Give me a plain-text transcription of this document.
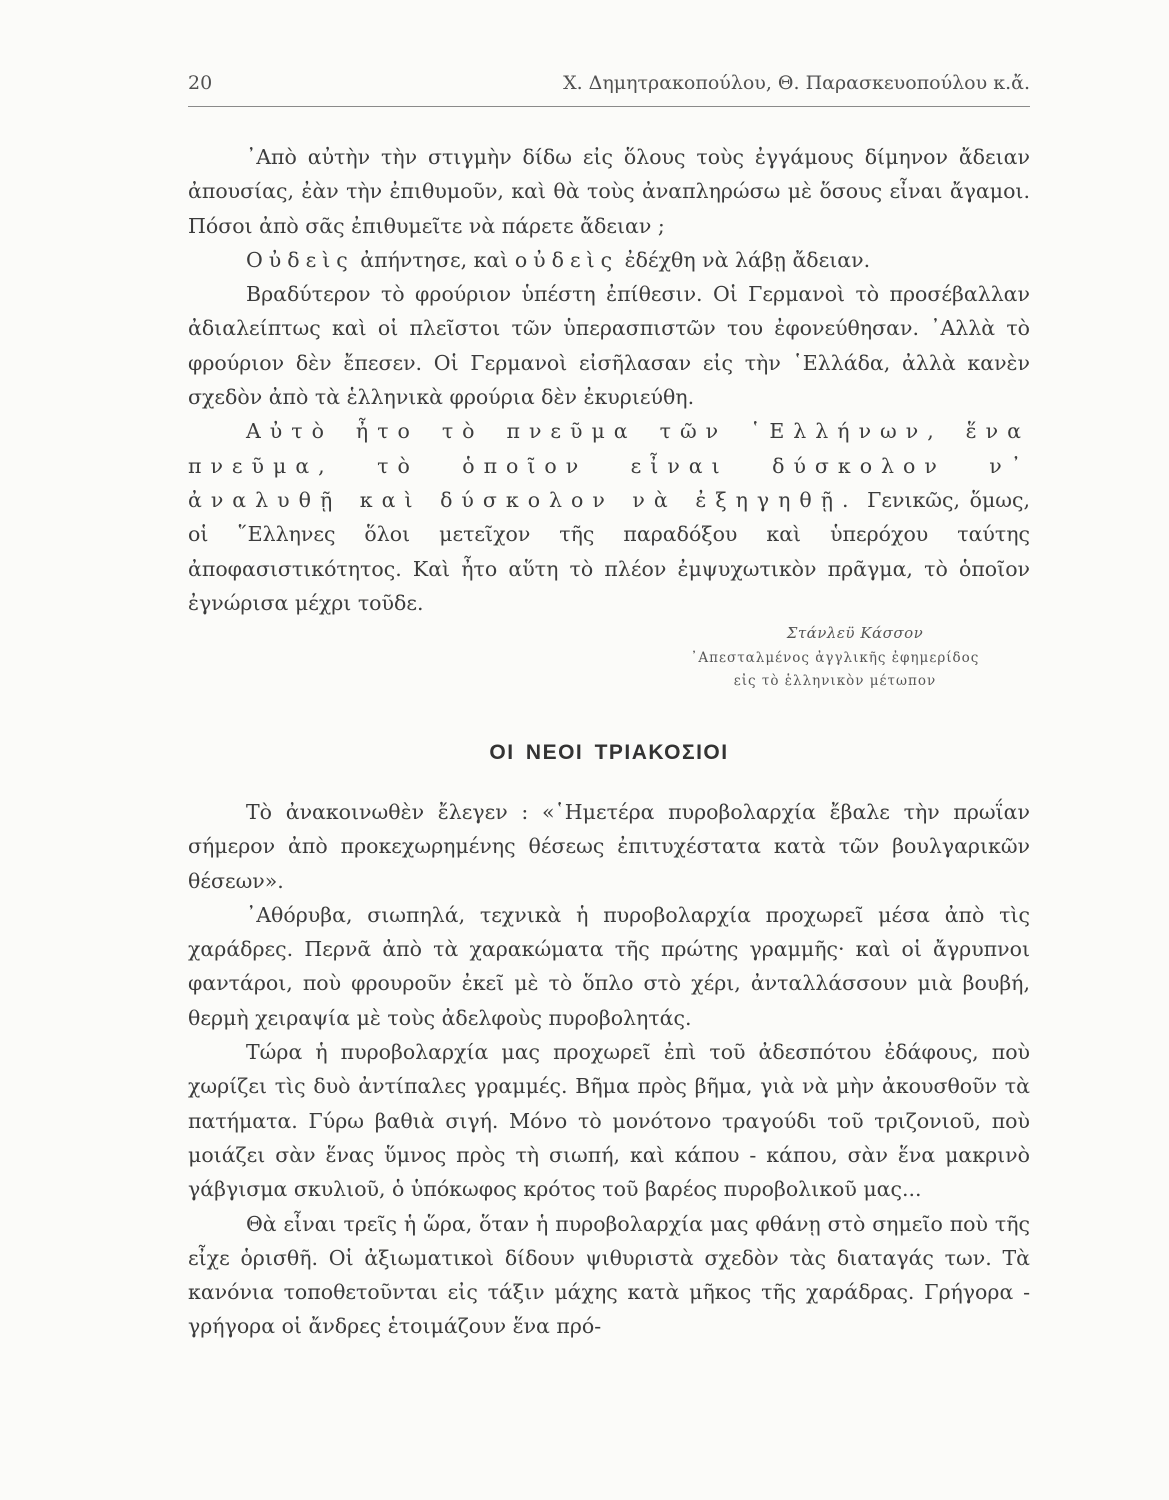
20	Χ. Δημητρακοπούλου, Θ. Παρασκευοπούλου κ.ἄ.

᾿Απὸ αὐτὴν τὴν στιγμὴν δίδω εἰς ὅλους τοὺς ἐγγάμους δίμηνον ἄδειαν ἀπουσίας, ἐὰν τὴν ἐπιθυμοῦν, καὶ θὰ τοὺς ἀναπληρώσω μὲ ὅσους εἶναι ἄγαμοι. Πόσοι ἀπὸ σᾶς ἐπιθυμεῖτε νὰ πάρετε ἄδειαν ;

Οὐδεὶς ἀπήντησε, καὶ οὐδεὶς ἐδέχθη νὰ λάβῃ ἄδειαν.

Βραδύτερον τὸ φρούριον ὑπέστη ἐπίθεσιν. Οἱ Γερμανοὶ τὸ προσέβαλλαν ἀδιαλείπτως καὶ οἱ πλεῖστοι τῶν ὑπερασπιστῶν του ἐφονεύθησαν. ᾿Αλλὰ τὸ φρούριον δὲν ἔπεσεν. Οἱ Γερμανοὶ εἰσῆλασαν εἰς τὴν ῾Ελλάδα, ἀλλὰ κανὲν σχεδὸν ἀπὸ τὰ ἑλληνικὰ φρούρια δὲν ἐκυριεύθη.

Αὐτὸ ἦτο τὸ πνεῦμα τῶν ῾Ελλήνων, ἕνα πνεῦμα, τὸ ὁποῖον εἶναι δύσκολον ν᾿ ἀναλυθῇ καὶ δύσκολον νὰ ἐξηγηθῇ. Γενικῶς, ὅμως, οἱ ῞Ελληνες ὅλοι μετεῖχον τῆς παραδόξου καὶ ὑπερόχου ταύτης ἀποφασιστικότητος. Καὶ ἦτο αὕτη τὸ πλέον ἐμψυχωτικὸν πρᾶγμα, τὸ ὁποῖον ἐγνώρισα μέχρι τοῦδε.

Στάνλεϋ Κάσσον
᾿Απεσταλμένος ἀγγλικῆς ἐφημερίδος
εἰς τὸ ἑλληνικὸν μέτωπον
ΟΙ ΝΕΟΙ ΤΡΙΑΚΟΣΙΟΙ

Τὸ ἀνακοινωθὲν ἔλεγεν : «῾Ημετέρα πυροβολαρχία ἔβαλε τὴν πρωΐαν σήμερον ἀπὸ προκεχωρημένης θέσεως ἐπιτυχέστατα κατὰ τῶν βουλγαρικῶν θέσεων».

᾿Αθόρυβα, σιωπηλά, τεχνικὰ ἡ πυροβολαρχία προχωρεῖ μέσα ἀπὸ τὶς χαράδρες. Περνᾶ ἀπὸ τὰ χαρακώματα τῆς πρώτης γραμμῆς· καὶ οἱ ἄγρυπνοι φαντάροι, ποὺ φρουροῦν ἐκεῖ μὲ τὸ ὅπλο στὸ χέρι, ἀνταλλάσσουν μιὰ βουβή, θερμὴ χειραψία μὲ τοὺς ἀδελφοὺς πυροβολητάς.

Τώρα ἡ πυροβολαρχία μας προχωρεῖ ἐπὶ τοῦ ἀδεσπότου ἐδάφους, ποὺ χωρίζει τὶς δυὸ ἀντίπαλες γραμμές. Βῆμα πρὸς βῆμα, γιὰ νὰ μὴν ἀκουσθοῦν τὰ πατήματα. Γύρω βαθιὰ σιγή. Μόνο τὸ μονότονο τραγούδι τοῦ τριζονιοῦ, ποὺ μοιάζει σὰν ἕνας ὕμνος πρὸς τὴ σιωπή, καὶ κάπου - κάπου, σὰν ἕνα μακρινὸ γάβγισμα σκυλιοῦ, ὁ ὑπόκωφος κρότος τοῦ βαρέος πυροβολικοῦ μας...

Θὰ εἶναι τρεῖς ἡ ὥρα, ὅταν ἡ πυροβολαρχία μας φθάνῃ στὸ σημεῖο ποὺ τῆς εἶχε ὁρισθῆ. Οἱ ἀξιωματικοὶ δίδουν ψιθυριστὰ σχεδὸν τὰς διαταγάς των. Τὰ κανόνια τοποθετοῦνται εἰς τάξιν μάχης κατὰ μῆκος τῆς χαράδρας. Γρήγορα - γρήγορα οἱ ἄνδρες ἑτοιμάζουν ἕνα πρό-
